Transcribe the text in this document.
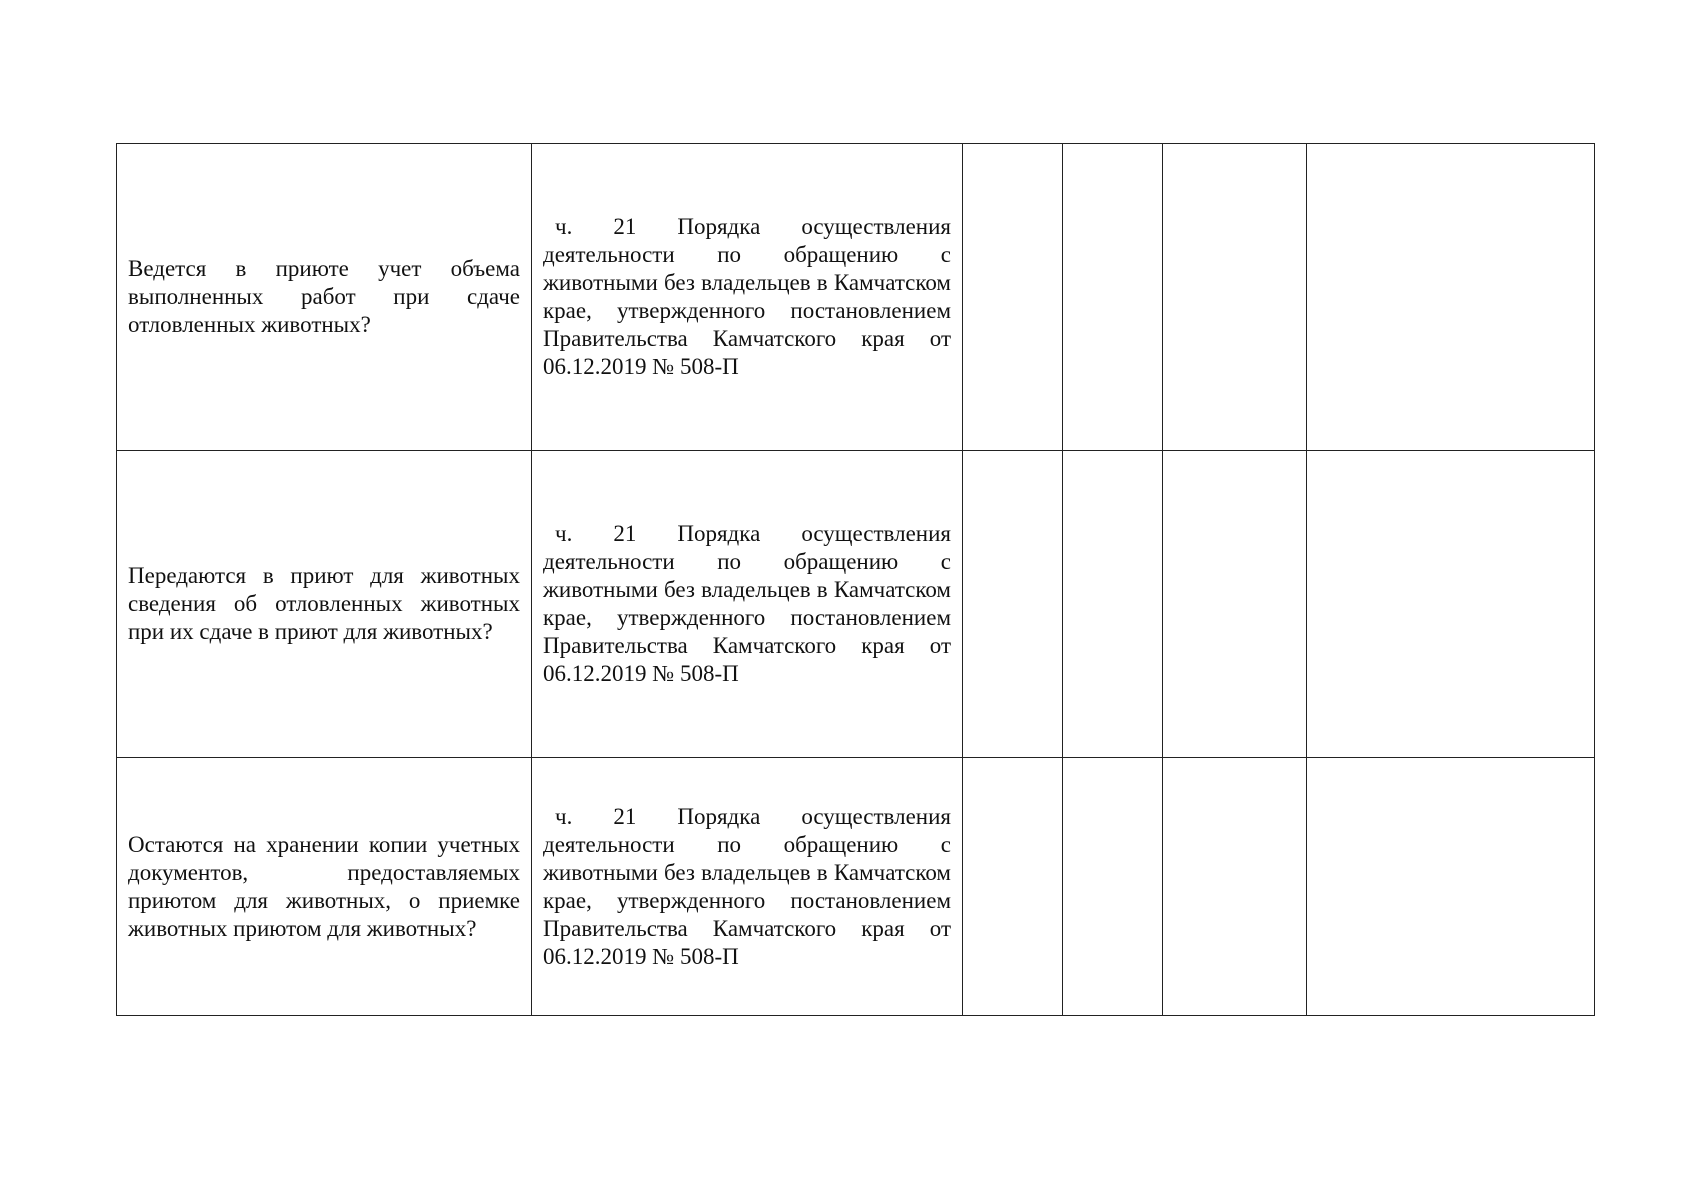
Ведется в приюте учет объема выполненных работ при сдаче отловленных животных?	ч. 21 Порядка осуществления деятельности по обращению с животными без владельцев в Камчатском крае, утвержденного постановлением Правительства Камчатского края от 06.12.2019 № 508-П				

Передаются в приют для животных сведения об отловленных животных при их сдаче в приют для животных?	ч. 21 Порядка осуществления деятельности по обращению с животными без владельцев в Камчатском крае, утвержденного постановлением Правительства Камчатского края от 06.12.2019 № 508-П				

Остаются на хранении копии учетных документов, предоставляемых приютом для животных, о приемке животных приютом для животных?	ч. 21 Порядка осуществления деятельности по обращению с животными без владельцев в Камчатском крае, утвержденного постановлением Правительства Камчатского края от 06.12.2019 № 508-П				
